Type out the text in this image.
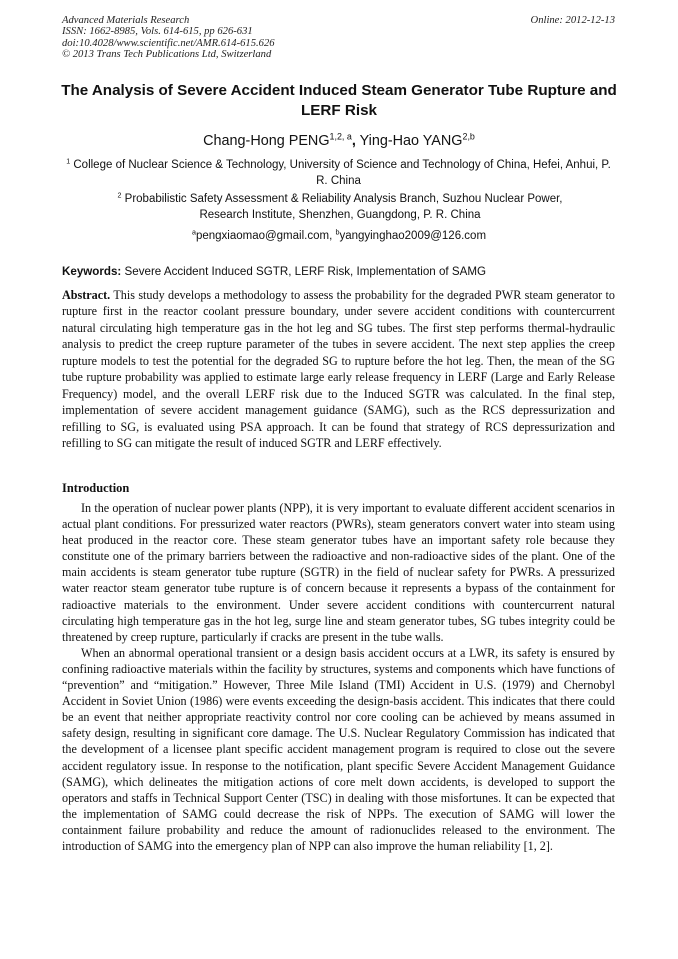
Advanced Materials Research
ISSN: 1662-8985, Vols. 614-615, pp 626-631
doi:10.4028/www.scientific.net/AMR.614-615.626
© 2013 Trans Tech Publications Ltd, Switzerland
Online: 2012-12-13
The Analysis of Severe Accident Induced Steam Generator Tube Rupture and LERF Risk
Chang-Hong PENG$^{1,2, a}$, Ying-Hao YANG$^{2,b}$
$^1$ College of Nuclear Science & Technology, University of Science and Technology of China, Hefei, Anhui, P. R. China
$^2$ Probabilistic Safety Assessment & Reliability Analysis Branch, Suzhou Nuclear Power, Research Institute, Shenzhen, Guangdong, P. R. China
$^a$pengxiaomao@gmail.com, $^b$yangyinghao2009@126.com
Keywords: Severe Accident Induced SGTR, LERF Risk, Implementation of SAMG

Abstract. This study develops a methodology to assess the probability for the degraded PWR steam generator to rupture first in the reactor coolant pressure boundary, under severe accident conditions with countercurrent natural circulating high temperature gas in the hot leg and SG tubes. The first step performs thermal-hydraulic analysis to predict the creep rupture parameter of the tubes in severe accident. The next step applies the creep rupture models to test the potential for the degraded SG to rupture before the hot leg. Then, the mean of the SG tube rupture probability was applied to estimate large early release frequency in LERF (Large and Early Release Frequency) model, and the overall LERF risk due to the Induced SGTR was calculated. In the final step, implementation of severe accident management guidance (SAMG), such as the RCS depressurization and refilling to SG, is evaluated using PSA approach. It can be found that strategy of RCS depressurization and refilling to SG can mitigate the result of induced SGTR and LERF effectively.

Introduction

In the operation of nuclear power plants (NPP), it is very important to evaluate different accident scenarios in actual plant conditions. For pressurized water reactors (PWRs), steam generators convert water into steam using heat produced in the reactor core. These steam generator tubes have an important safety role because they constitute one of the primary barriers between the radioactive and non-radioactive sides of the plant. One of the main accidents is steam generator tube rupture (SGTR) in the field of nuclear safety for PWRs. A pressurized water reactor steam generator tube rupture is of concern because it represents a bypass of the containment for radioactive materials to the environment. Under severe accident conditions with countercurrent natural circulating high temperature gas in the hot leg, surge line and steam generator tubes, SG tubes integrity could be threatened by creep rupture, particularly if cracks are present in the tube walls.

When an abnormal operational transient or a design basis accident occurs at a LWR, its safety is ensured by confining radioactive materials within the facility by structures, systems and components which have functions of “prevention” and “mitigation.” However, Three Mile Island (TMI) Accident in U.S. (1979) and Chernobyl Accident in Soviet Union (1986) were events exceeding the design-basis accident. This indicates that there could be an event that neither appropriate reactivity control nor core cooling can be achieved by means assumed in safety design, resulting in significant core damage. The U.S. Nuclear Regulatory Commission has indicated that the development of a licensee plant specific accident management program is required to close out the severe accident regulatory issue. In response to the notification, plant specific Severe Accident Management Guidance (SAMG), which delineates the mitigation actions of core melt down accidents, is developed to support the operators and staffs in Technical Support Center (TSC) in dealing with those misfortunes. It can be expected that the implementation of SAMG could decrease the risk of NPPs. The execution of SAMG will lower the containment failure probability and reduce the amount of radionuclides released to the environment. The introduction of SAMG into the emergency plan of NPP can also improve the human reliability [1, 2].
